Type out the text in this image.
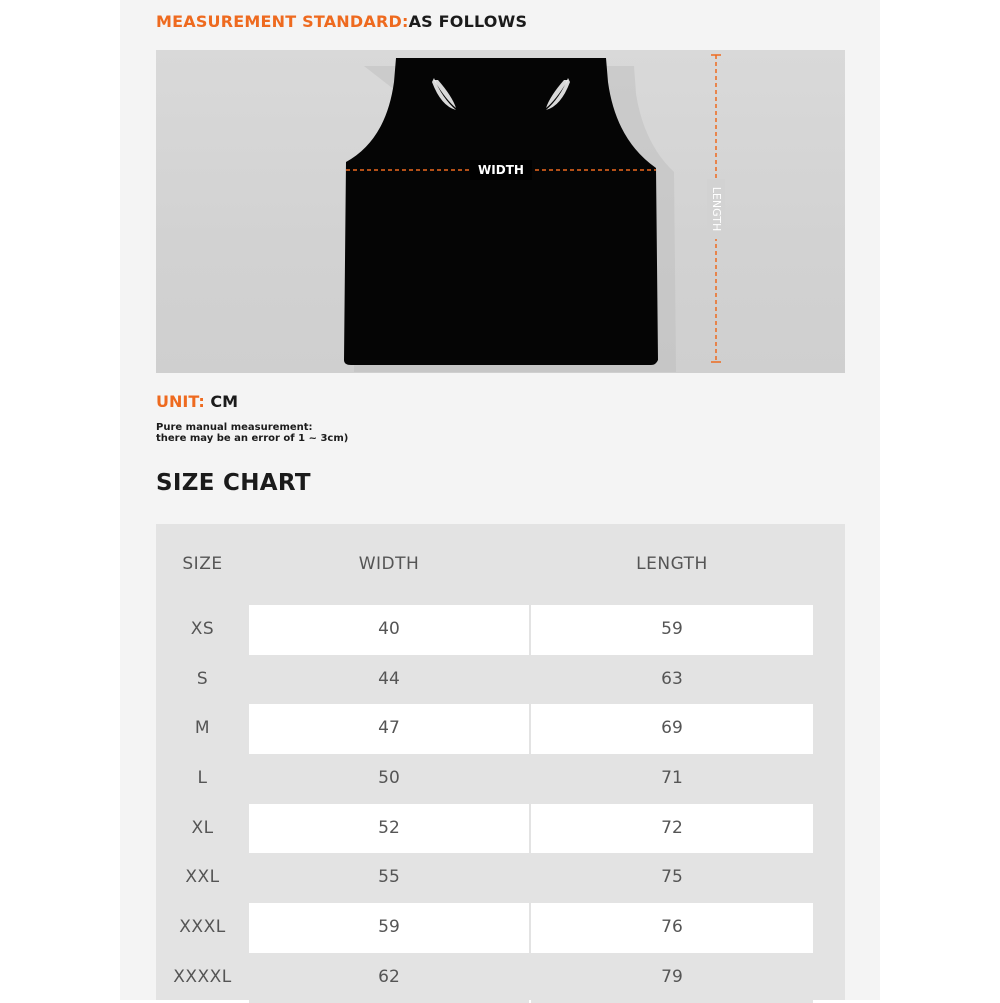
MEASUREMENT STANDARD:AS FOLLOWS
WIDTH
LENGTH
UNIT: CM
Pure manual measurement:
there may be an error of 1 ~ 3cm)
SIZE CHART
SIZE	WIDTH	LENGTH
XS	40	59
S	44	63
M	47	69
L	50	71
XL	52	72
XXL	55	75
XXXL	59	76
XXXXL	62	79
